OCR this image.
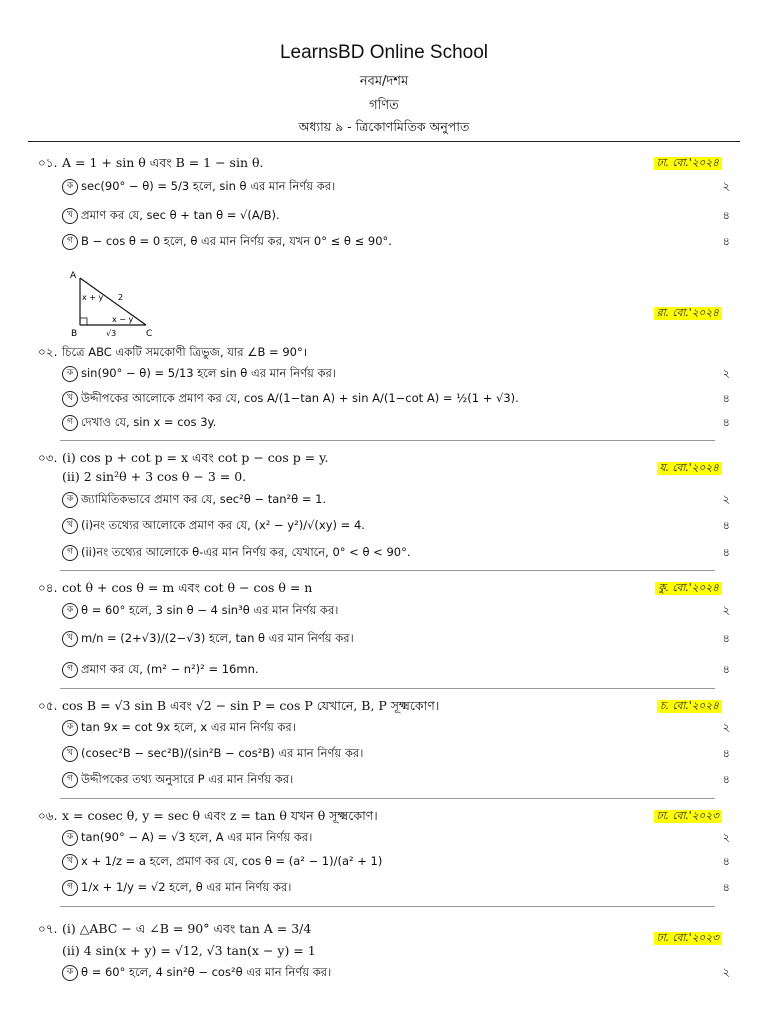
LearnsBD Online School
নবম/দশম
গণিত
অধ্যায় ৯ - ত্রিকোণমিতিক অনুপাত
০১. A = 1 + sin θ এবং B = 1 − sin θ.	ঢা. বো.'২০২৪
ক sec(90° − θ) = 5/3 হলে, sin θ এর মান নির্ণয় কর।	২
খ প্রমাণ কর যে, sec θ + tan θ = √(A/B).	৪
গ B − cos θ = 0 হলে, θ এর মান নির্ণয় কর, যখন 0° ≤ θ ≤ 90°.	৪
A
B	C
x + y 2
x − y
√3
রা. বো.'২০২৪
০২. চিত্রে ABC একটি সমকোণী ত্রিভুজ, যার ∠B = 90°।
ক sin(90° − θ) = 5/13 হলে sin θ এর মান নির্ণয় কর।	২
খ উদ্দীপকের আলোকে প্রমাণ কর যে, cos A/(1−tan A) + sin A/(1−cot A) = ½(1 + √3).	৪
গ দেখাও যে, sin x = cos 3y.	৪
০৩. (i) cos p + cot p = x এবং cot p − cos p = y.
য. বো.'২০২৪
(ii) 2 sin²θ + 3 cos θ − 3 = 0.
ক জ্যামিতিকভাবে প্রমাণ কর যে, sec²θ − tan²θ = 1.	২
খ (i)নং তথ্যের আলোকে প্রমাণ কর যে, (x² − y²)/√(xy) = 4.	৪
গ (ii)নং তথ্যের আলোকে θ-এর মান নির্ণয় কর, যেখানে, 0° < θ < 90°.	৪
০৪. cot θ + cos θ = m এবং cot θ − cos θ = n	কু. বো.'২০২৪
ক θ = 60° হলে, 3 sin θ − 4 sin³θ এর মান নির্ণয় কর।	২
খ m/n = (2+√3)/(2−√3) হলে, tan θ এর মান নির্ণয় কর।	৪
গ প্রমাণ কর যে, (m² − n²)² = 16mn.	৪
০৫. cos B = √3 sin B এবং √2 − sin P = cos P যেখানে, B, P সূক্ষ্মকোণ।	চ. বো.'২০২৪
ক tan 9x = cot 9x হলে, x এর মান নির্ণয় কর।	২
খ (cosec²B − sec²B)/(sin²B − cos²B) এর মান নির্ণয় কর।	৪
গ উদ্দীপকের তথ্য অনুসারে P এর মান নির্ণয় কর।	৪
০৬. x = cosec θ, y = sec θ এবং z = tan θ যখন θ সূক্ষ্মকোণ।	ঢা. বো.'২০২৩
ক tan(90° − A) = √3 হলে, A এর মান নির্ণয় কর।	২
খ x + 1/z = a হলে, প্রমাণ কর যে, cos θ = (a² − 1)/(a² + 1)	৪
গ 1/x + 1/y = √2 হলে, θ এর মান নির্ণয় কর।	৪
০৭. (i) △ABC − এ ∠B = 90° এবং tan A = 3/4
ঢা. বো.'২০২৩
(ii) 4 sin(x + y) = √12, √3 tan(x − y) = 1
ক θ = 60° হলে, 4 sin²θ − cos²θ এর মান নির্ণয় কর।	২
